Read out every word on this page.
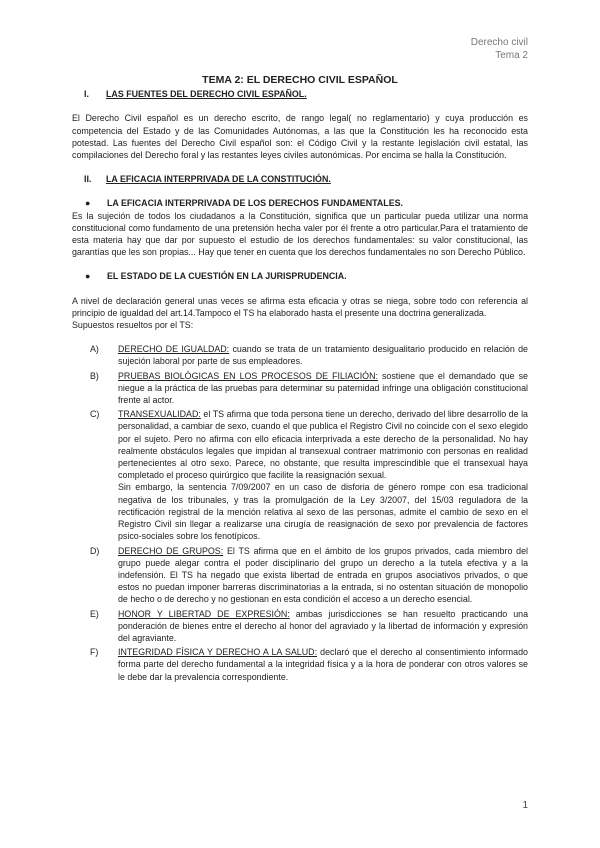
Derecho civil
Tema 2
TEMA 2: EL DERECHO CIVIL ESPAÑOL
I.	LAS FUENTES DEL DERECHO CIVIL ESPAÑOL.

El Derecho Civil español es un derecho escrito, de rango legal( no reglamentario) y cuya producción es competencia del Estado y de las Comunidades Autónomas, a las que la Constitución les ha reconocido esta potestad. Las fuentes del Derecho Civil español son: el Código Civil y la restante legislación civil estatal, las compilaciones del Derecho foral y las restantes leyes civiles autonómicas. Por encima se halla la Constitución.

II.	LA EFICACIA INTERPRIVADA DE LA CONSTITUCIÓN.
●	LA EFICACIA INTERPRIVADA DE LOS DERECHOS FUNDAMENTALES.

Es la sujeción de todos los ciudadanos a la Constitución, significa que un particular pueda utilizar una norma constitucional como fundamento de una pretensión hecha valer por él frente a otro particular.Para el tratamiento de esta materia hay que dar por supuesto el estudio de los derechos fundamentales: su valor constitucional, las garantías que les son propias... Hay que tener en cuenta que los derechos fundamentales no son Derecho Público.

●	EL ESTADO DE LA CUESTIÓN EN LA JURISPRUDENCIA.

A nivel de declaración general unas veces se afirma esta eficacia y otras se niega, sobre todo con referencia al principio de igualdad del art.14.Tampoco el TS ha elaborado hasta el presente una doctrina generalizada.

Supuestos resueltos por el TS:

A)	DERECHO DE IGUALDAD: cuando se trata de un tratamiento desigualitario producido en relación de sujeción laboral por parte de sus empleadores.
B)	PRUEBAS BIOLÓGICAS EN LOS PROCESOS DE FILIACIÓN: sostiene que el demandado que se niegue a la práctica de las pruebas para determinar su paternidad infringe una obligación constitucional frente al actor.
C)	TRANSEXUALIDAD: el TS afirma que toda persona tiene un derecho, derivado del libre desarrollo de la personalidad, a cambiar de sexo, cuando el que publica el Registro Civil no coincide con el sexo elegido por el sujeto. Pero no afirma con ello eficacia interprivada a este derecho de la personalidad. No hay realmente obstáculos legales que impidan al transexual contraer matrimonio con personas en realidad pertenecientes al otro sexo. Parece, no obstante, que resulta imprescindible que el transexual haya completado el proceso quirúrgico que facilite la reasignación sexual.
Sin embargo, la sentencia 7/09/2007 en un caso de disforia de género rompe con esa tradicional negativa de los tribunales, y tras la promulgación de la Ley 3/2007, del 15/03 reguladora de la rectificación registral de la mención relativa al sexo de las personas, admite el cambio de sexo en el Registro Civil sin llegar a realizarse una cirugía de reasignación de sexo por prevalencia de factores psico-sociales sobre los fenotípicos.
D)	DERECHO DE GRUPOS: El TS afirma que en el ámbito de los grupos privados, cada miembro del grupo puede alegar contra el poder disciplinario del grupo un derecho a la tutela efectiva y a la indefensión. El TS ha negado que exista libertad de entrada en grupos asociativos privados, o que estos no puedan imponer barreras discriminatorias a la entrada, si no ostentan situación de monopolio de hecho o de derecho y no gestionan en esta condición el acceso a un derecho esencial.
E)	HONOR Y LIBERTAD DE EXPRESIÓN: ambas jurisdicciones se han resuelto practicando una ponderación de bienes entre el derecho al honor del agraviado y la libertad de información y expresión del agraviante.
F)	INTEGRIDAD FÍSICA Y DERECHO A LA SALUD: declaró que el derecho al consentimiento informado forma parte del derecho fundamental a la integridad física y a la hora de ponderar con otros valores se le debe dar la prevalencia correspondiente.
1
